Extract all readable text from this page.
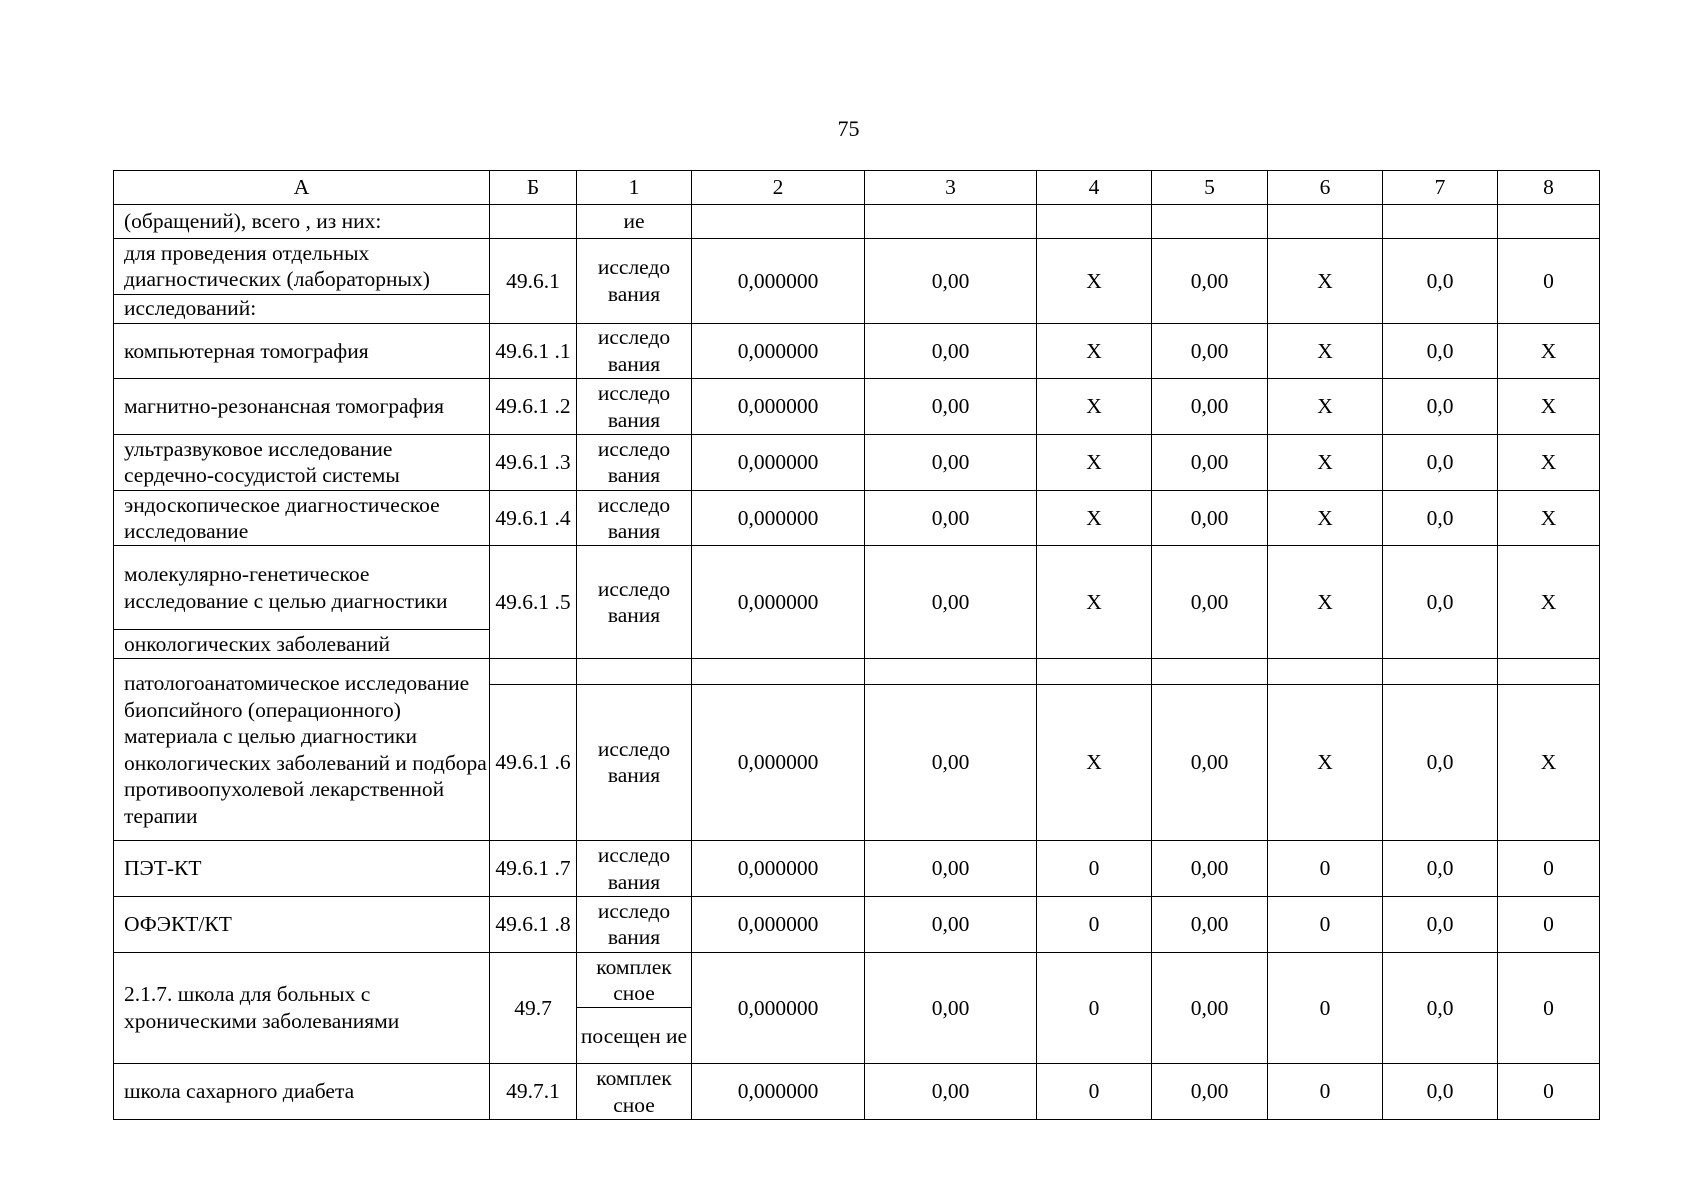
75
А	Б	1	2	3	4	5	6	7	8
(обращений), всего , из них:		ие							
для проведения отдельных диагностических (лабораторных)	49.6.1	исследо вания	0,000000	0,00	X	0,00	X	0,0	0
исследований:									
компьютерная томография	49.6.1 .1	исследо вания	0,000000	0,00	X	0,00	X	0,0	X
магнитно-резонансная томография	49.6.1 .2	исследо вания	0,000000	0,00	X	0,00	X	0,0	X
ультразвуковое исследование сердечно-сосудистой системы	49.6.1 .3	исследо вания	0,000000	0,00	X	0,00	X	0,0	X
эндоскопическое диагностическое исследование	49.6.1 .4	исследо вания	0,000000	0,00	X	0,00	X	0,0	X
молекулярно-генетическое исследование с целью диагностики	49.6.1 .5	исследо вания	0,000000	0,00	X	0,00	X	0,0	X
онкологических заболеваний									
патологоанатомическое исследование биопсийного (операционного) материала с целью диагностики онкологических заболеваний и подбора противоопухолевой лекарственной терапии									
	49.6.1 .6	исследо вания	0,000000	0,00	X	0,00	X	0,0	X
ПЭТ-КТ	49.6.1 .7	исследо вания	0,000000	0,00	0	0,00	0	0,0	0
ОФЭКТ/КТ	49.6.1 .8	исследо вания	0,000000	0,00	0	0,00	0	0,0	0
2.1.7. школа для больных с хроническими заболеваниями	49.7	комплек сное	0,000000	0,00	0	0,00	0	0,0	0
		посещен ие							
школа сахарного диабета	49.7.1	комплек сное	0,000000	0,00	0	0,00	0	0,0	0
